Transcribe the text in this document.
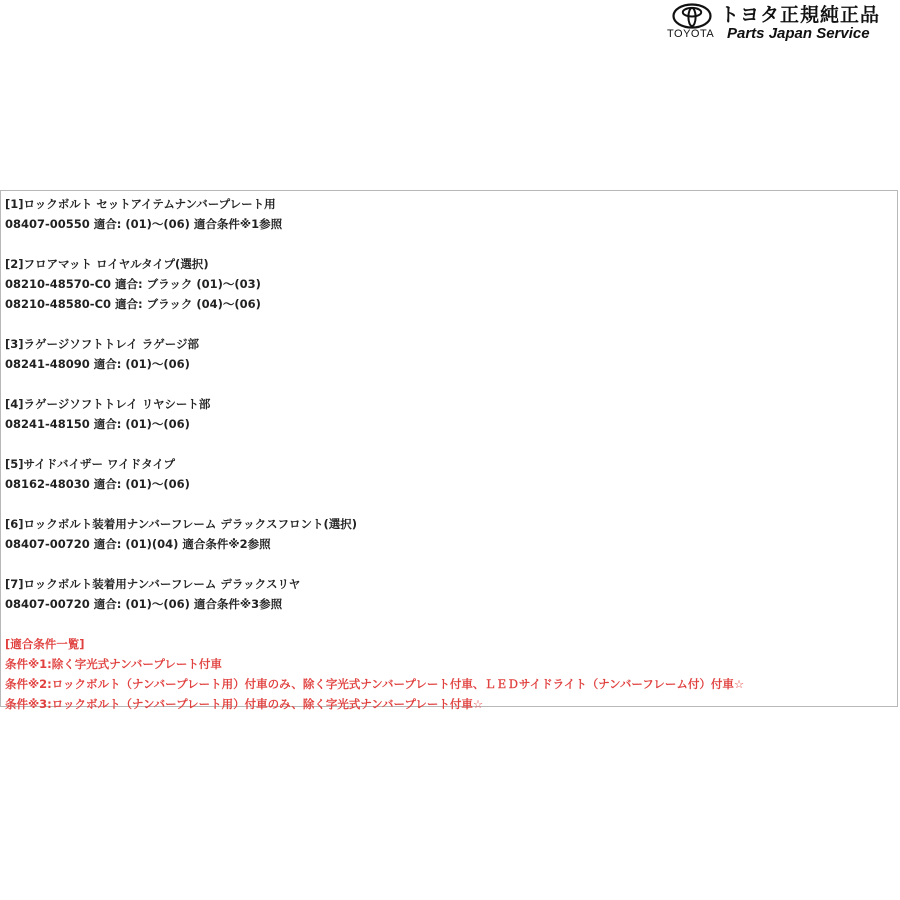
トヨタ正規純正品
TOYOTA Parts Japan Service
[1]ロックボルト セットアイテムナンバープレート用
08407-00550 適合: (01)～(06) 適合条件※1参照
[2]フロアマット ロイヤルタイプ(選択)
08210-48570-C0 適合: ブラック (01)～(03)
08210-48580-C0 適合: ブラック (04)～(06)
[3]ラゲージソフトトレイ ラゲージ部
08241-48090 適合: (01)～(06)
[4]ラゲージソフトトレイ リヤシート部
08241-48150 適合: (01)～(06)
[5]サイドバイザー ワイドタイプ
08162-48030 適合: (01)～(06)
[6]ロックボルト装着用ナンバーフレーム デラックスフロント(選択)
08407-00720 適合: (01)(04) 適合条件※2参照
[7]ロックボルト装着用ナンバーフレーム デラックスリヤ
08407-00720 適合: (01)～(06) 適合条件※3参照
[適合条件一覧]
条件※1:除く字光式ナンバープレート付車
条件※2:ロックボルト（ナンバープレート用）付車のみ、除く字光式ナンバープレート付車、ＬＥＤサイドライト（ナンバーフレーム付）付車☆
条件※3:ロックボルト（ナンバープレート用）付車のみ、除く字光式ナンバープレート付車☆
